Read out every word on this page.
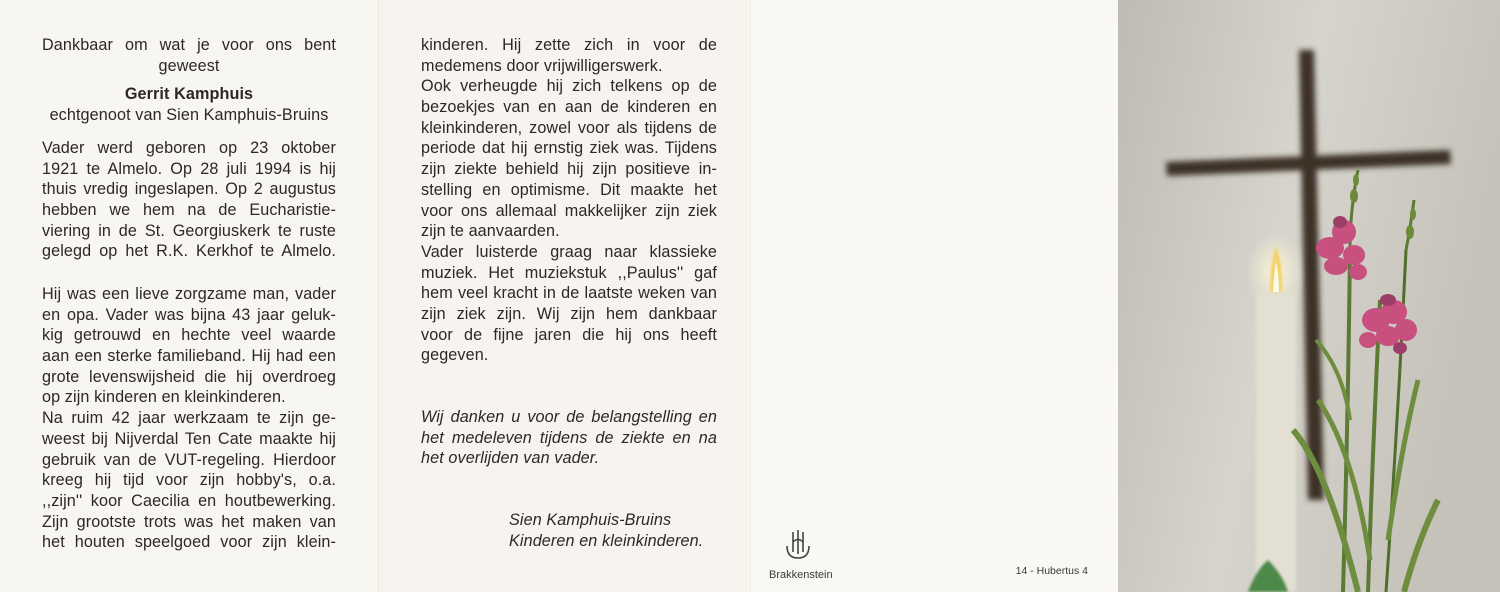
Dankbaar om wat je voor ons bent
geweest
Gerrit Kamphuis
echtgenoot van Sien Kamphuis-Bruins
Vader werd geboren op 23 oktober
1921 te Almelo. Op 28 juli 1994 is hij
thuis vredig ingeslapen. Op 2 augustus
hebben we hem na de Eucharistie-
viering in de St. Georgiuskerk te ruste
gelegd op het R.K. Kerkhof te Almelo.
Hij was een lieve zorgzame man, vader
en opa. Vader was bijna 43 jaar geluk-
kig getrouwd en hechte veel waarde
aan een sterke familieband. Hij had een
grote levenswijsheid die hij overdroeg
op zijn kinderen en kleinkinderen.
Na ruim 42 jaar werkzaam te zijn ge-
weest bij Nijverdal Ten Cate maakte hij
gebruik van de VUT-regeling. Hierdoor
kreeg hij tijd voor zijn hobby's, o.a.
,,zijn'' koor Caecilia en houtbewerking.
Zijn grootste trots was het maken van
het houten speelgoed voor zijn klein-
kinderen. Hij zette zich in voor de
medemens door vrijwilligerswerk.
Ook verheugde hij zich telkens op de
bezoekjes van en aan de kinderen en
kleinkinderen, zowel voor als tijdens de
periode dat hij ernstig ziek was. Tijdens
zijn ziekte behield hij zijn positieve in-
stelling en optimisme. Dit maakte het
voor ons allemaal makkelijker zijn ziek
zijn te aanvaarden.
Vader luisterde graag naar klassieke
muziek. Het muziekstuk ,,Paulus'' gaf
hem veel kracht in de laatste weken van
zijn ziek zijn. Wij zijn hem dankbaar
voor de fijne jaren die hij ons heeft
gegeven.
Wij danken u voor de belangstelling en
het medeleven tijdens de ziekte en na
het overlijden van vader.
Sien Kamphuis-Bruins
Kinderen en kleinkinderen.
Brakkenstein	14 - Hubertus 4
